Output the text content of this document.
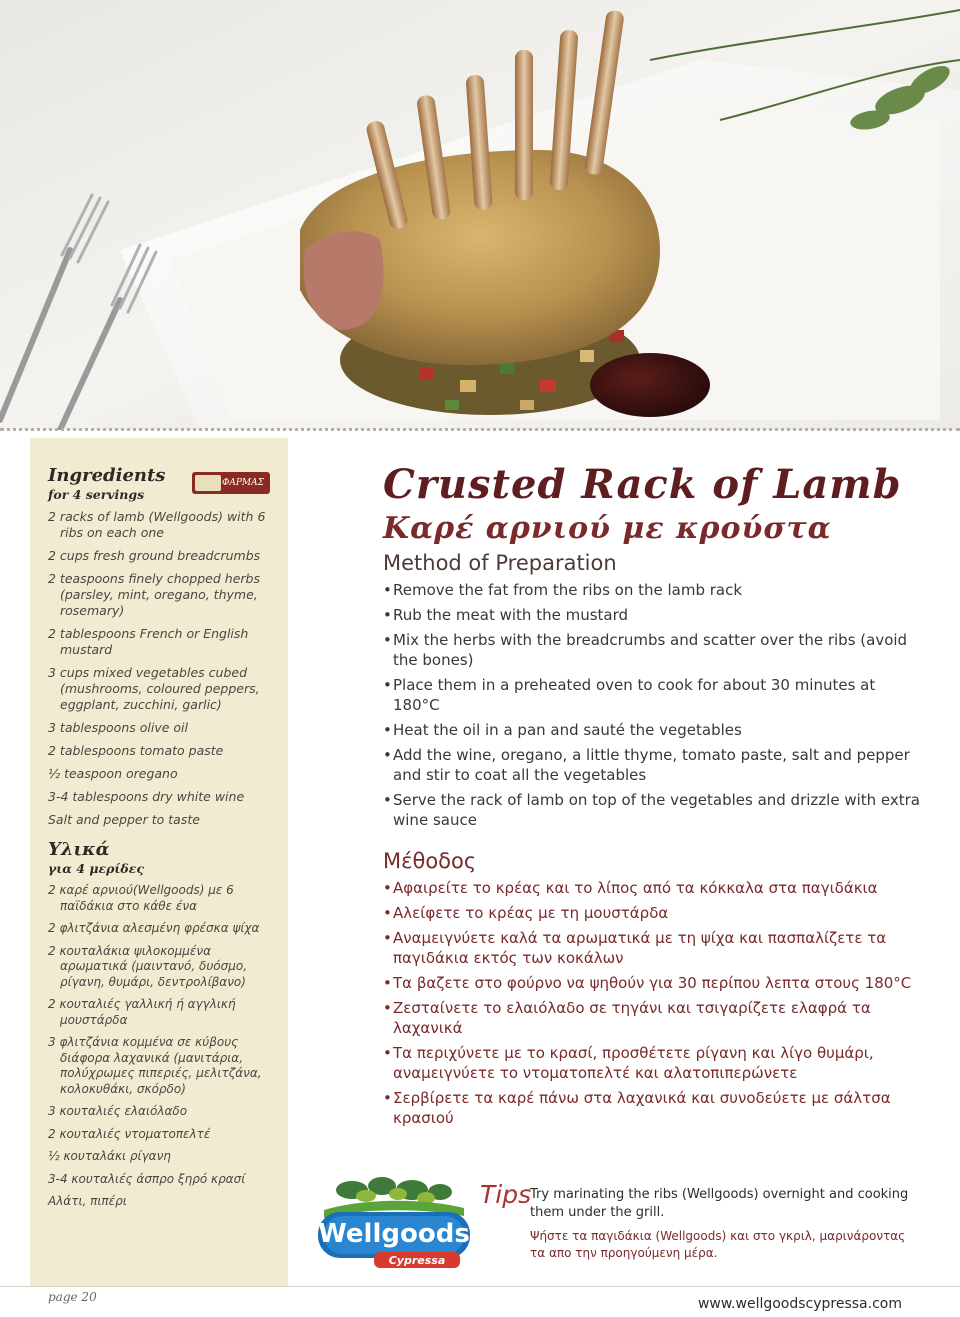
ΦΑΡΜΑΣ
Ingredients

for 4 servings

2 racks of lamb (Wellgoods) with 6 ribs on each one
2 cups fresh ground breadcrumbs
2 teaspoons finely chopped herbs (parsley, mint, oregano, thyme, rosemary)
2 tablespoons French or English mustard
3 cups mixed vegetables cubed (mushrooms, coloured peppers, eggplant, zucchini, garlic)
3 tablespoons olive oil
2 tablespoons tomato paste
½ teaspoon oregano
3-4 tablespoons dry white wine
Salt and pepper to taste
Υλικά

για 4 μερίδες

2 καρέ αρνιού(Wellgoods) με 6 παϊδάκια στο κάθε ένα
2 φλιτζάνια αλεσμένη φρέσκα ψίχα
2 κουταλάκια ψιλοκομμένα αρωματικά (μαιντανό, δυόσμο, ρίγανη, θυμάρι, δεντρολίβανο)
2 κουταλιές γαλλική ή αγγλική μουστάρδα
3 φλιτζάνια κομμένα σε κύβους διάφορα λαχανικά (μανιτάρια, πολύχρωμες πιπεριές, μελιτζάνα, κολοκυθάκι, σκόρδο)
3 κουταλιές ελαιόλαδο
2 κουταλιές ντοματοπελτέ
½ κουταλάκι ρίγανη
3-4 κουταλιές άσπρο ξηρό κρασί
Αλάτι, πιπέρι
Crusted Rack of Lamb
Καρέ αρνιού με κρούστα
Method of Preparation
• Remove the fat from the ribs on the lamb rack
• Rub the meat with the mustard
• Mix the herbs with the breadcrumbs and scatter over the ribs (avoid the bones)
• Place them in a preheated oven to cook for about 30 minutes at 180°C
• Heat the oil in a pan and sauté the vegetables
• Add the wine, oregano, a little thyme, tomato paste, salt and pepper and stir to coat all the vegetables
• Serve the rack of lamb on top of the vegetables and drizzle with extra wine sauce
Μέθοδος
• Αφαιρείτε το κρέας και το λίπος από τα κόκκαλα στα παγιδάκια
• Αλείφετε το κρέας με τη μουστάρδα
• Αναμειγνύετε καλά τα αρωματικά με τη ψίχα και πασπαλίζετε τα παγιδάκια εκτός των κοκάλων
• Τα βαζετε στο φούρνο να ψηθούν για 30 περίπου λεπτα στους 180°C
• Ζεσταίνετε το ελαιόλαδο σε τηγάνι και τσιγαρίζετε ελαφρά τα λαχανικά
• Τα περιχύνετε με το κρασί, προσθέτετε ρίγανη και λίγο θυμάρι, αναμειγνύετε το ντοματοπελτέ και αλατοπιπερώνετε
• Σερβίρετε τα καρέ πάνω στα λαχανικά και συνοδεύετε με σάλτσα κρασιού
Wellgoods
Cypressa

Tips

Try marinating the ribs (Wellgoods) overnight and cooking them under the grill.

Ψήστε τα παγιδάκια (Wellgoods) και στο γκριλ, μαρινάροντας τα απο την προηγούμενη μέρα.

page 20	www.wellgoodscypressa.com
